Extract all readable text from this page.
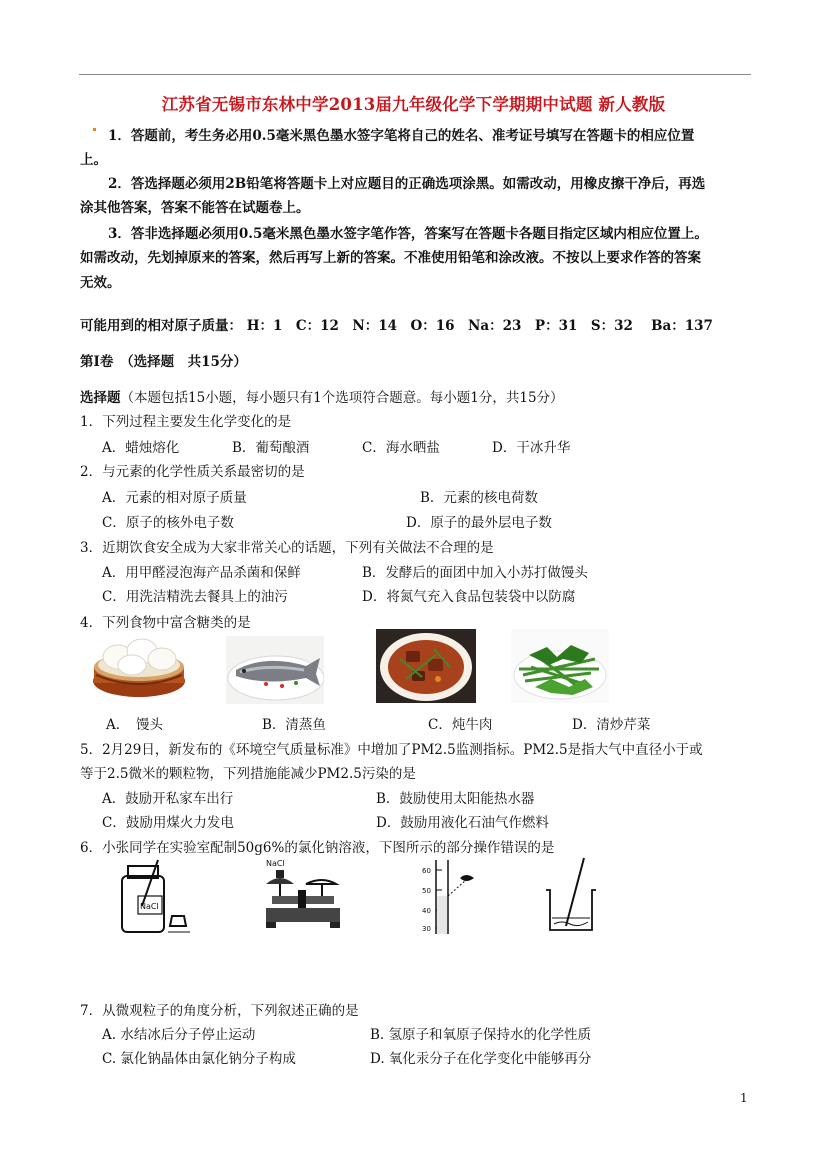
江苏省无锡市东林中学2013届九年级化学下学期期中试题 新人教版
1．答题前，考生务必用0.5毫米黑色墨水签字笔将自己的姓名、准考证号填写在答题卡的相应位置
上。
2．答选择题必须用2B铅笔将答题卡上对应题目的正确选项涂黑。如需改动，用橡皮擦干净后，再选
涂其他答案，答案不能答在试题卷上。
3．答非选择题必须用0.5毫米黑色墨水签字笔作答，答案写在答题卡各题目指定区域内相应位置上。
如需改动，先划掉原来的答案，然后再写上新的答案。不准使用铅笔和涂改液。不按以上要求作答的答案
无效。
可能用到的相对原子质量： H：1　C：12　N：14　O：16　Na：23　P：31　S：32　 Ba：137
第Ⅰ卷　（选择题　共15分）
选择题（本题包括15小题，每小题只有1个选项符合题意。每小题1分，共15分）
1．下列过程主要发生化学变化的是
A．蜡烛熔化	B．葡萄酿酒	C．海水晒盐	D．干冰升华
2．与元素的化学性质关系最密切的是
A．元素的相对原子质量	B．元素的核电荷数
C．原子的核外电子数	D．原子的最外层电子数
3．近期饮食安全成为大家非常关心的话题，下列有关做法不合理的是
A．用甲醛浸泡海产品杀菌和保鲜	B．发酵后的面团中加入小苏打做馒头
C．用洗洁精洗去餐具上的油污	D．将氮气充入食品包装袋中以防腐
4．下列食物中富含糖类的是
A．　馒头	B．清蒸鱼	C．炖牛肉	D．清炒芹菜
5．2月29日，新发布的《环境空气质量标准》中增加了PM2.5监测指标。PM2.5是指大气中直径小于或
等于2.5微米的颗粒物，下列措施能减少PM2.5污染的是
A．鼓励开私家车出行	B．鼓励使用太阳能热水器
C．鼓励用煤火力发电	D．鼓励用液化石油气作燃料
6．小张同学在实验室配制50g6%的氯化钠溶液，下图所示的部分操作错误的是
NaCl
NaCl
60
50
40
30
7．从微观粒子的角度分析，下列叙述正确的是
A. 水结冰后分子停止运动	B. 氢原子和氧原子保持水的化学性质
C. 氯化钠晶体由氯化钠分子构成	D. 氧化汞分子在化学变化中能够再分
1
